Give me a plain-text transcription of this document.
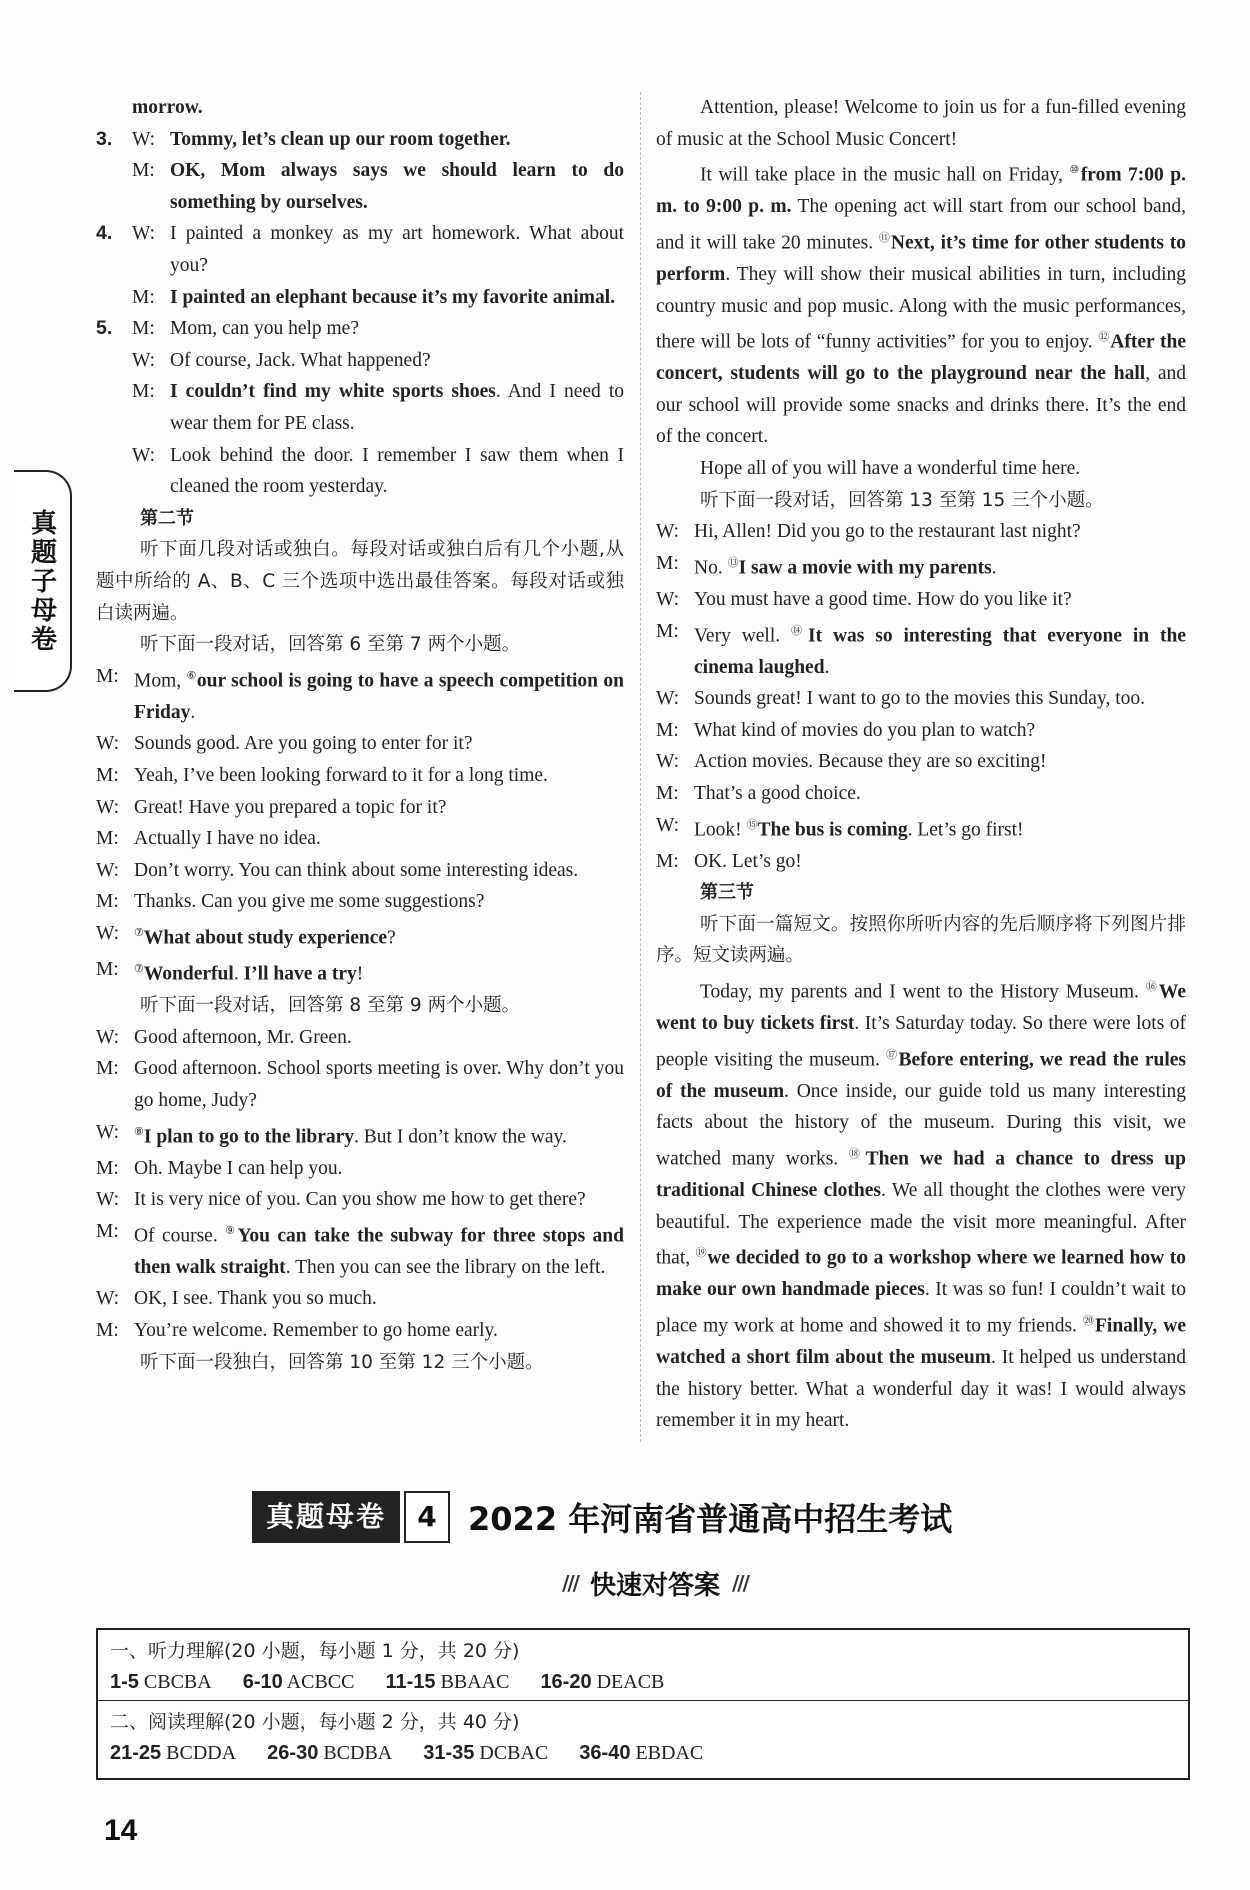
真题子母卷

morrow.

3.	W: Tommy, let’s clean up our room together.
M: OK, Mom always says we should learn to do something by ourselves.
4.	W: I painted a monkey as my art homework. What about you?
M: I painted an elephant because it’s my favorite animal.
5.	M: Mom, can you help me?
W: Of course, Jack. What happened?
M: I couldn’t find my white sports shoes. And I need to wear them for PE class.
W: Look behind the door. I remember I saw them when I cleaned the room yesterday.

第二节

听下面几段对话或独白。每段对话或独白后有几个小题,从题中所给的 A、B、C 三个选项中选出最佳答案。每段对话或独白读两遍。

听下面一段对话，回答第 6 至第 7 两个小题。

M: Mom, ⑥our school is going to have a speech competition on Friday.
W: Sounds good. Are you going to enter for it?
M: Yeah, I’ve been looking forward to it for a long time.
W: Great! Have you prepared a topic for it?
M: Actually I have no idea.
W: Don’t worry. You can think about some interesting ideas.
M: Thanks. Can you give me some suggestions?
W:	⑦What about study experience?
M:	⑦Wonderful. I’ll have a try!

听下面一段对话，回答第 8 至第 9 两个小题。

W: Good afternoon, Mr. Green.
M: Good afternoon. School sports meeting is over. Why don’t you go home, Judy?
W:	⑧I plan to go to the library. But I don’t know the way.
M: Oh. Maybe I can help you.
W: It is very nice of you. Can you show me how to get there?
M: Of course. ⑨You can take the subway for three stops and then walk straight. Then you can see the library on the left.
W: OK, I see. Thank you so much.
M: You’re welcome. Remember to go home early.

听下面一段独白，回答第 10 至第 12 三个小题。

Attention, please! Welcome to join us for a fun-filled evening of music at the School Music Concert!

It will take place in the music hall on Friday, ⑩from 7:00 p. m. to 9:00 p. m. The opening act will start from our school band, and it will take 20 minutes. ⑪Next, it’s time for other students to perform. They will show their musical abilities in turn, including country music and pop music. Along with the music performances, there will be lots of “funny activities” for you to enjoy. ⑫After the concert, students will go to the playground near the hall, and our school will provide some snacks and drinks there. It’s the end of the concert.

Hope all of you will have a wonderful time here.

听下面一段对话，回答第 13 至第 15 三个小题。

W: Hi, Allen! Did you go to the restaurant last night?
M: No. ⑬I saw a movie with my parents.
W: You must have a good time. How do you like it?
M: Very well. ⑭It was so interesting that everyone in the cinema laughed.
W: Sounds great! I want to go to the movies this Sunday, too.
M: What kind of movies do you plan to watch?
W: Action movies. Because they are so exciting!
M: That’s a good choice.
W: Look! ⑮The bus is coming. Let’s go first!
M: OK. Let’s go!

第三节

听下面一篇短文。按照你所听内容的先后顺序将下列图片排序。短文读两遍。

Today, my parents and I went to the History Museum. ⑯We went to buy tickets first. It’s Saturday today. So there were lots of people visiting the museum. ⑰Before entering, we read the rules of the museum. Once inside, our guide told us many interesting facts about the history of the museum. During this visit, we watched many works. ⑱Then we had a chance to dress up traditional Chinese clothes. We all thought the clothes were very beautiful. The experience made the visit more meaningful. After that, ⑲we decided to go to a workshop where we learned how to make our own handmade pieces. It was so fun! I couldn’t wait to place my work at home and showed it to my friends. ⑳Finally, we watched a short film about the museum. It helped us understand the history better. What a wonderful day it was! I would always remember it in my heart.

真题母卷	4 2022 年河南省普通高中招生考试
/// 快速对答案 ///
一、听力理解(20 小题，每小题 1 分，共 20 分)
1-5 CBCBA 6-10 ACBCC 11-15 BBAAC 16-20 DEACB
二、阅读理解(20 小题，每小题 2 分，共 40 分)
21-25 BCDDA 26-30 BCDBA 31-35 DCBAC 36-40 EBDAC
14
